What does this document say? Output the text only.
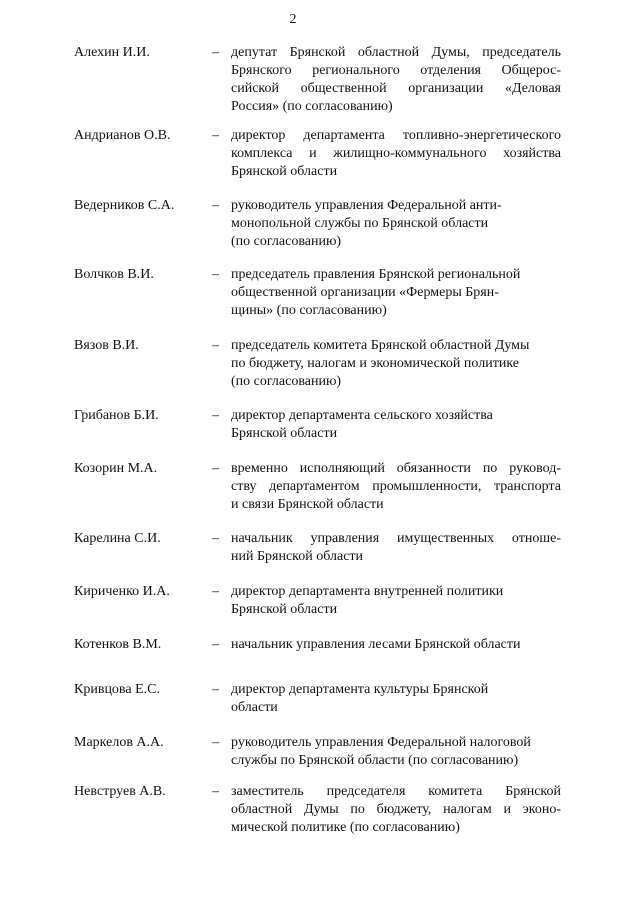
2
Алехин И.И.	– депутат Брянской областной Думы, председатель
Брянского регионального отделения Общерос-
сийской общественной организации «Деловая
Россия» (по согласованию)
Андрианов О.В.	– директор департамента топливно-энергетического
комплекса и жилищно-коммунального хозяйства
Брянской области
Ведерников С.А.	– руководитель управления Федеральной анти-
монопольной службы по Брянской области
(по согласованию)
Волчков В.И.	– председатель правления Брянской региональной
общественной организации «Фермеры Брян-
щины» (по согласованию)
Вязов В.И.	– председатель комитета Брянской областной Думы
по бюджету, налогам и экономической политике
(по согласованию)
Грибанов Б.И.	– директор департамента сельского хозяйства
Брянской области
Козорин М.А.	– временно исполняющий обязанности по руковод-
ству департаментом промышленности, транспорта
и связи Брянской области
Карелина С.И.	– начальник управления имущественных отноше-
ний Брянской области
Кириченко И.А.	– директор департамента внутренней политики
Брянской области
Котенков В.М.	– начальник управления лесами Брянской области
Кривцова Е.С.	– директор департамента культуры Брянской
области
Маркелов А.А.	– руководитель управления Федеральной налоговой
службы по Брянской области (по согласованию)
Невструев А.В.	– заместитель председателя комитета Брянской
областной Думы по бюджету, налогам и эконо-
мической политике (по согласованию)
